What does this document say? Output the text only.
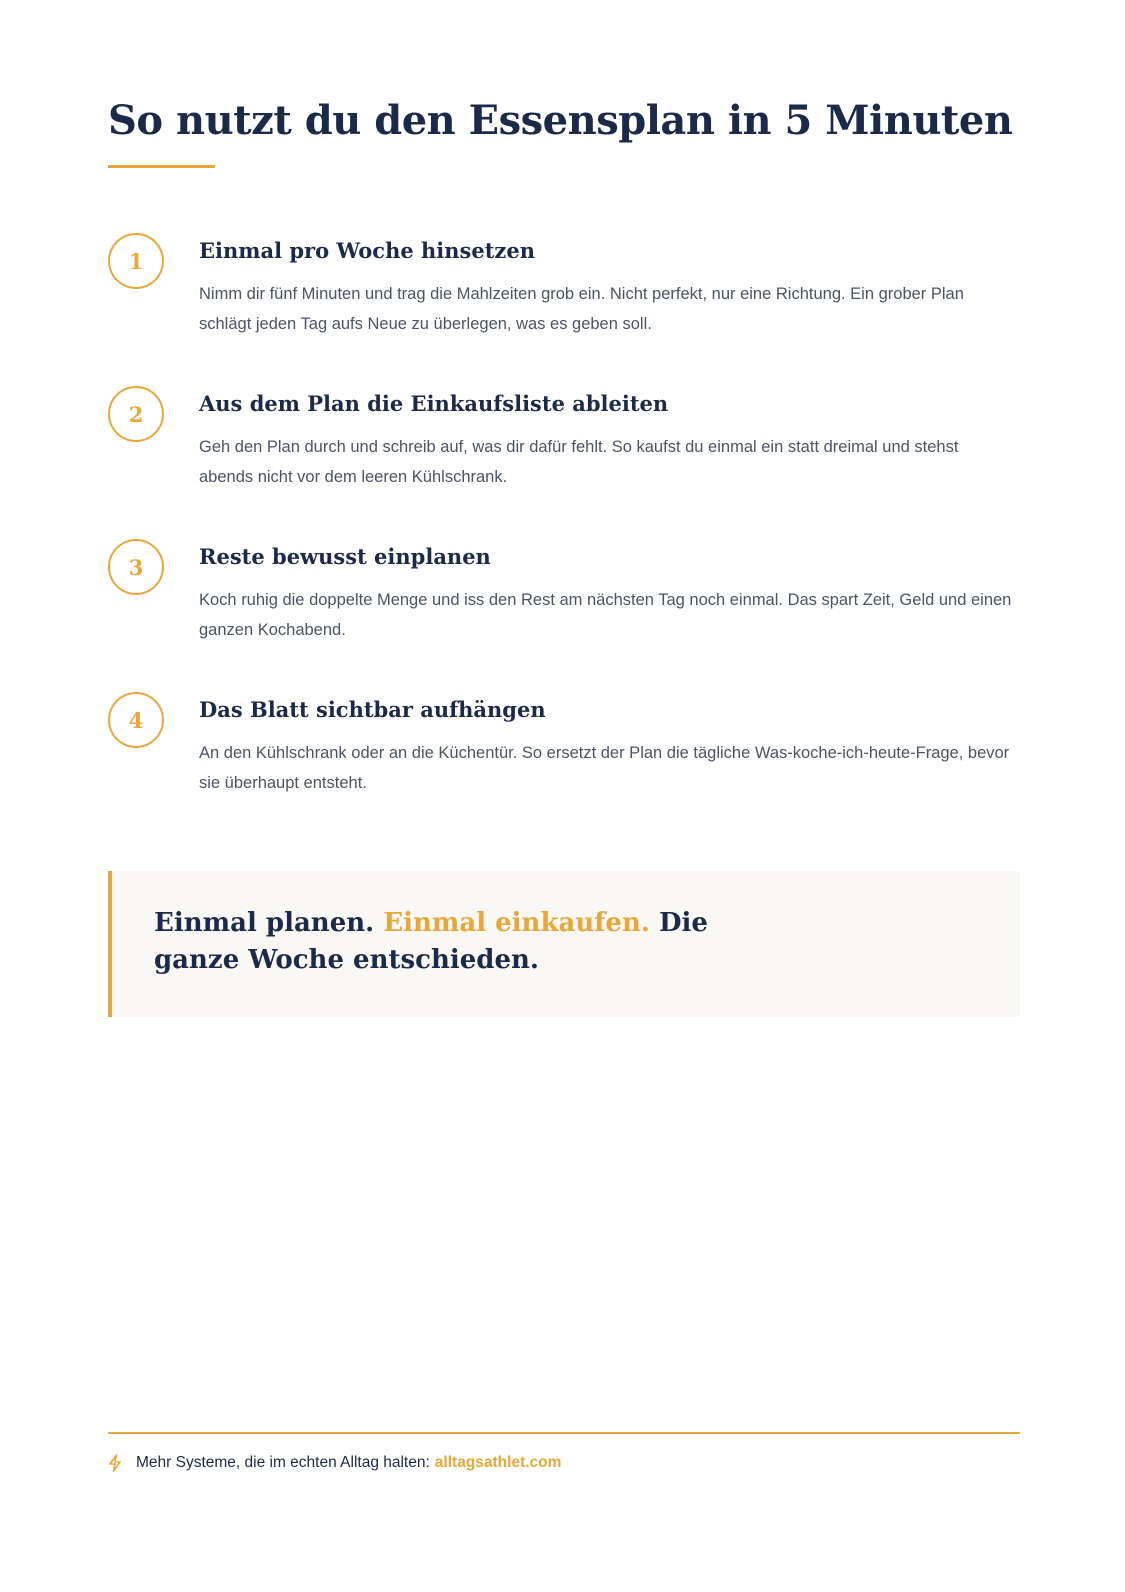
So nutzt du den Essensplan in 5 Minuten
1	Einmal pro Woche hinsetzen

Nimm dir fünf Minuten und trag die Mahlzeiten grob ein. Nicht perfekt, nur eine Richtung. Ein grober Plan schlägt jeden Tag aufs Neue zu überlegen, was es geben soll.

2	Aus dem Plan die Einkaufsliste ableiten

Geh den Plan durch und schreib auf, was dir dafür fehlt. So kaufst du einmal ein statt dreimal und stehst abends nicht vor dem leeren Kühlschrank.

3	Reste bewusst einplanen

Koch ruhig die doppelte Menge und iss den Rest am nächsten Tag noch einmal. Das spart Zeit, Geld und einen ganzen Kochabend.

4	Das Blatt sichtbar aufhängen

An den Kühlschrank oder an die Küchentür. So ersetzt der Plan die tägliche Was-koche-ich-heute-Frage, bevor sie überhaupt entsteht.

Einmal planen. Einmal einkaufen. Die ganze Woche entschieden.

Mehr Systeme, die im echten Alltag halten: alltagsathlet.com
